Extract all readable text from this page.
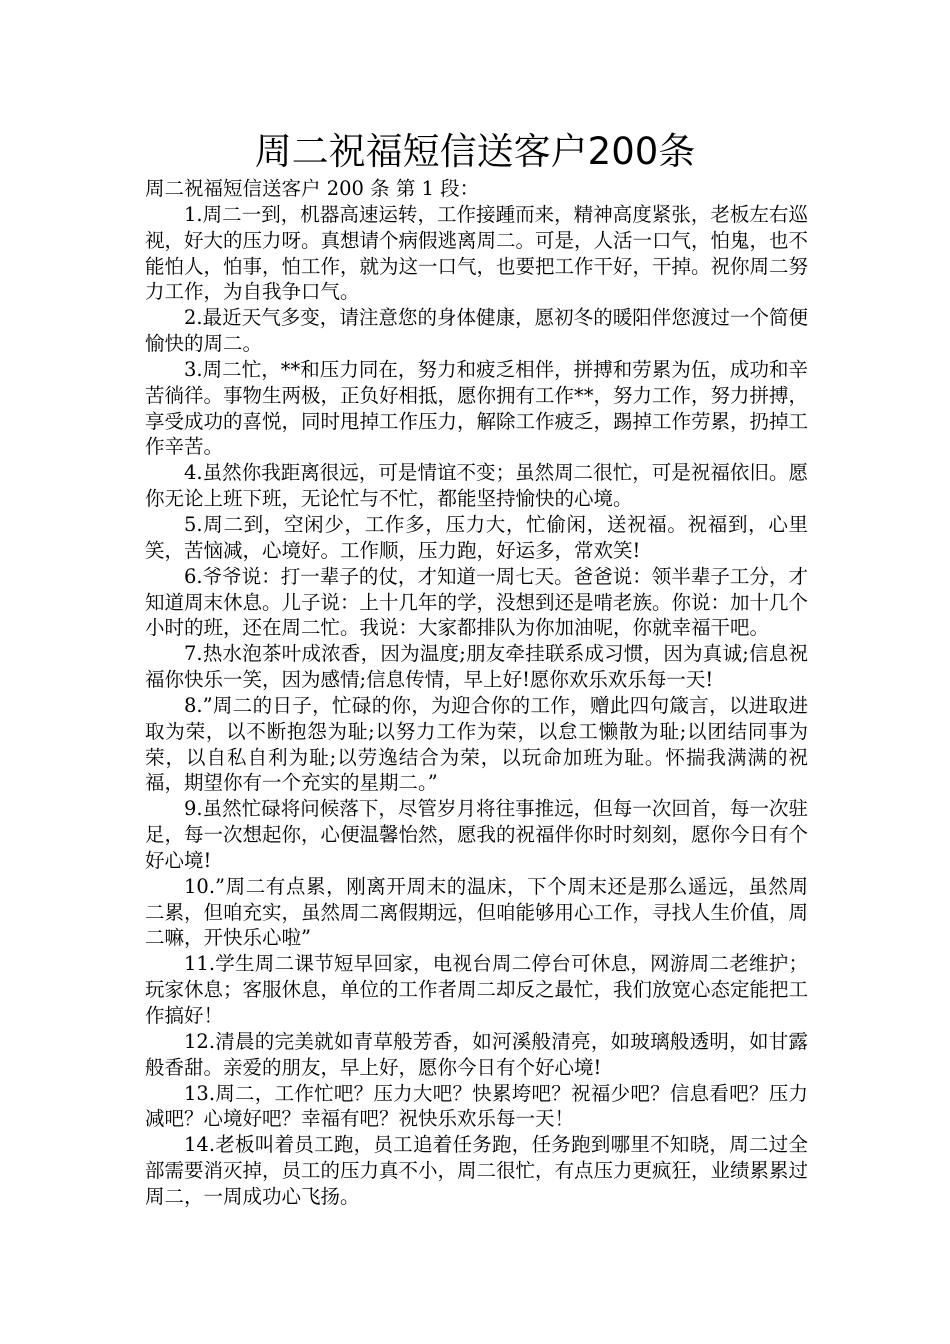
周二祝福短信送客户200条

周二祝福短信送客户 200 条 第 1 段：

1.周二一到，机器高速运转，工作接踵而来，精神高度紧张，老板左右巡视，好大的压力呀。真想请个病假逃离周二。可是，人活一口气，怕鬼，也不能怕人，怕事，怕工作，就为这一口气，也要把工作干好，干掉。祝你周二努力工作，为自我争口气。

2.最近天气多变，请注意您的身体健康，愿初冬的暖阳伴您渡过一个简便愉快的周二。

3.周二忙，**和压力同在，努力和疲乏相伴，拼搏和劳累为伍，成功和辛苦徜徉。事物生两极，正负好相抵，愿你拥有工作**，努力工作，努力拼搏，享受成功的喜悦，同时甩掉工作压力，解除工作疲乏，踢掉工作劳累，扔掉工作辛苦。

4.虽然你我距离很远，可是情谊不变；虽然周二很忙，可是祝福依旧。愿你无论上班下班，无论忙与不忙，都能坚持愉快的心境。

5.周二到，空闲少，工作多，压力大，忙偷闲，送祝福。祝福到，心里笑，苦恼减，心境好。工作顺，压力跑，好运多，常欢笑!

6.爷爷说：打一辈子的仗，才知道一周七天。爸爸说：领半辈子工分，才知道周末休息。儿子说：上十几年的学，没想到还是啃老族。你说：加十几个小时的班，还在周二忙。我说：大家都排队为你加油呢，你就幸福干吧。

7.热水泡茶叶成浓香，因为温度;朋友牵挂联系成习惯，因为真诚;信息祝福你快乐一笑，因为感情;信息传情，早上好!愿你欢乐欢乐每一天!

8.”周二的日子，忙碌的你，为迎合你的工作，赠此四句箴言，以进取进取为荣，以不断抱怨为耻;以努力工作为荣，以怠工懒散为耻;以团结同事为荣，以自私自利为耻;以劳逸结合为荣，以玩命加班为耻。怀揣我满满的祝福，期望你有一个充实的星期二。”

9.虽然忙碌将问候落下，尽管岁月将往事推远，但每一次回首，每一次驻足，每一次想起你，心便温馨怡然，愿我的祝福伴你时时刻刻，愿你今日有个好心境!

10.”周二有点累，刚离开周末的温床，下个周末还是那么遥远，虽然周二累，但咱充实，虽然周二离假期远，但咱能够用心工作，寻找人生价值，周二嘛，开快乐心啦”

11.学生周二课节短早回家，电视台周二停台可休息，网游周二老维护；玩家休息；客服休息，单位的工作者周二却反之最忙，我们放宽心态定能把工作搞好！

12.清晨的完美就如青草般芳香，如河溪般清亮，如玻璃般透明，如甘露般香甜。亲爱的朋友，早上好，愿你今日有个好心境!

13.周二，工作忙吧？压力大吧？快累垮吧？祝福少吧？信息看吧？压力减吧？心境好吧？幸福有吧？祝快乐欢乐每一天！

14.老板叫着员工跑，员工追着任务跑，任务跑到哪里不知晓，周二过全部需要消灭掉，员工的压力真不小，周二很忙，有点压力更疯狂，业绩累累过周二，一周成功心飞扬。
